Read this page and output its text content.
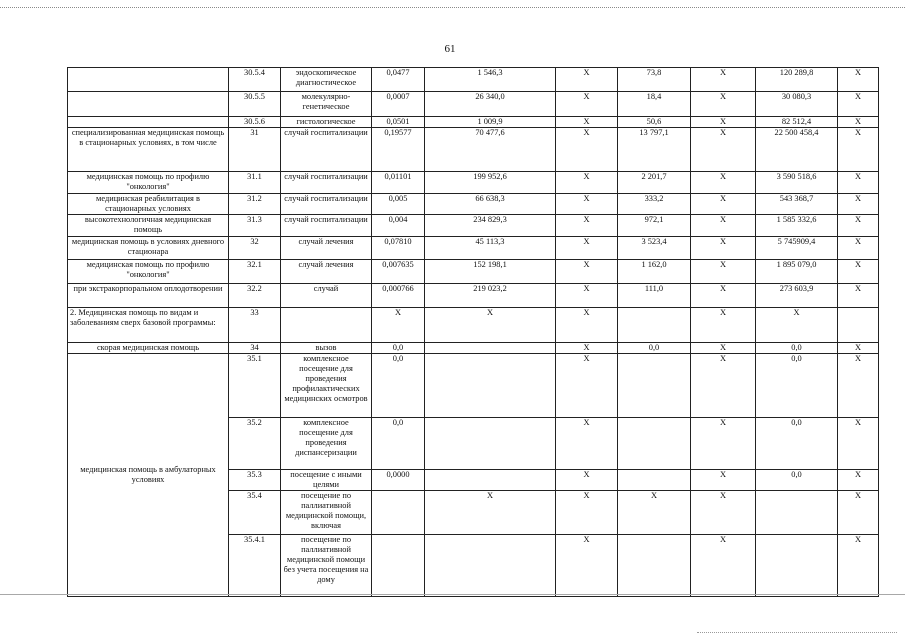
61
	30.5.4	эндоскопическое диагностическое	0,0477	1 546,3	Х	73,8	Х	120 289,8	Х
	30.5.5	молекулярно-генетическое	0,0007	26 340,0	Х	18,4	Х	30 080,3	Х
	30.5.6	гистологическое	0,0501	1 009,9	Х	50,6	Х	82 512,4	Х
специализированная медицинская помощь в стационарных условиях, в том числе	31	случай госпитализации	0,19577	70 477,6	Х	13 797,1	Х	22 500 458,4	Х
медицинская помощь по профилю "онкология"	31.1	случай госпитализации	0,01101	199 952,6	Х	2 201,7	Х	3 590 518,6	Х
медицинская реабилитация в стационарных условиях	31.2	случай госпитализации	0,005	66 638,3	Х	333,2	Х	543 368,7	Х
высокотехнологичная медицинская помощь	31.3	случай госпитализации	0,004	234 829,3	Х	972,1	Х	1 585 332,6	Х
медицинская помощь в условиях дневного стационара	32	случай лечения	0,07810	45 113,3	Х	3 523,4	Х	5 745909,4	Х
медицинская помощь по профилю "онкология"	32.1	случай лечения	0,007635	152 198,1	Х	1 162,0	Х	1 895 079,0	Х
при экстракорпоральном оплодотворении	32.2	случай	0,000766	219 023,2	Х	111,0	Х	273 603,9	Х
2. Медицинская помощь по видам и заболеваниям сверх базовой программы:	33		Х	Х	Х		Х	Х	
скорая медицинская помощь	34	вызов	0,0		Х	0,0	Х	0,0	Х
медицинская помощь в амбулаторных условиях	35.1	комплексное посещение для проведения профилактических медицинских осмотров	0,0		Х		Х	0,0	Х
	35.2	комплексное посещение для проведения диспансеризации	0,0		Х		Х	0,0	Х
	35.3	посещение с иными целями	0,0000		Х		Х	0,0	Х
	35.4	посещение по паллиативной медицинской помощи, включая		Х	Х	Х	Х		Х
	35.4.1	посещение по паллиативной медицинской помощи без учета посещения на дому			Х		Х		Х
